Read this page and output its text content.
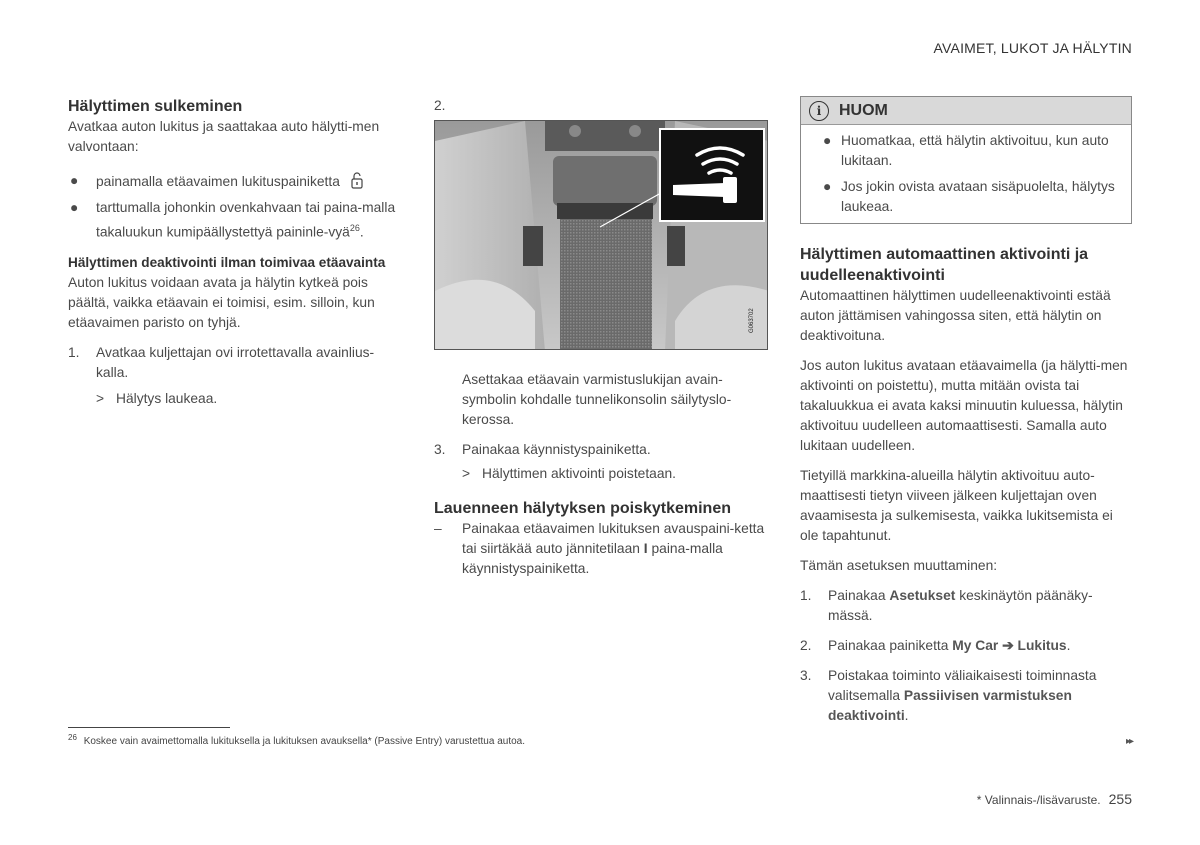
AVAIMET, LUKOT JA HÄLYTIN
Hälyttimen sulkeminen

Avatkaa auton lukitus ja saattakaa auto hälytti-men valvontaan:

● painamalla etäavaimen lukituspainiketta
● tarttumalla johonkin ovenkahvaan tai paina-malla takaluukun kumipäällystettyä paininle-vyä$^{26}$.
Hälyttimen deaktivointi ilman toimivaa etäavainta

Auton lukitus voidaan avata ja hälytin kytkeä pois päältä, vaikka etäavain ei toimisi, esim. silloin, kun etäavaimen paristo on tyhjä.

1. Avatkaa kuljettajan ovi irrotettavalla avainlius-kalla.
> Hälytys laukeaa.

2.

G063702

Asettakaa etäavain varmistuslukijan avain-symbolin kohdalle tunnelikonsolin säilytyslo-kerossa.

3. Painakaa käynnistyspainiketta.
> Hälyttimen aktivointi poistetaan.
Lauenneen hälytyksen poiskytkeminen
– Painakaa etäavaimen lukituksen avauspaini-ketta tai siirtäkää auto jännitetilaan I paina-malla käynnistyspainiketta.
i	HUOM
● Huomatkaa, että hälytin aktivoituu, kun auto lukitaan.
● Jos jokin ovista avataan sisäpuolelta, hälytys laukeaa.
Hälyttimen automaattinen aktivointi ja uudelleenaktivointi

Automaattinen hälyttimen uudelleenaktivointi estää auton jättämisen vahingossa siten, että hälytin on deaktivoituna.

Jos auton lukitus avataan etäavaimella (ja hälytti-men aktivointi on poistettu), mutta mitään ovista tai takaluukkua ei avata kaksi minuutin kuluessa, hälytin aktivoituu uudelleen automaattisesti. Samalla auto lukitaan uudelleen.

Tietyillä markkina-alueilla hälytin aktivoituu auto-maattisesti tietyn viiveen jälkeen kuljettajan oven avaamisesta ja sulkemisesta, vaikka lukitsemista ei ole tapahtunut.

Tämän asetuksen muuttaminen:

1. Painakaa Asetukset keskinäytön päänäky-mässä.
2. Painakaa painiketta My Car ➔ Lukitus.
3. Poistakaa toiminto väliaikaisesti toiminnasta valitsemalla Passiivisen varmistuksen deaktivointi.
$^{26}$ Koskee vain avaimettomalla lukituksella ja lukituksen avauksella* (Passive Entry) varustettua autoa.	▸▸
* Valinnais-/lisävaruste. 255
